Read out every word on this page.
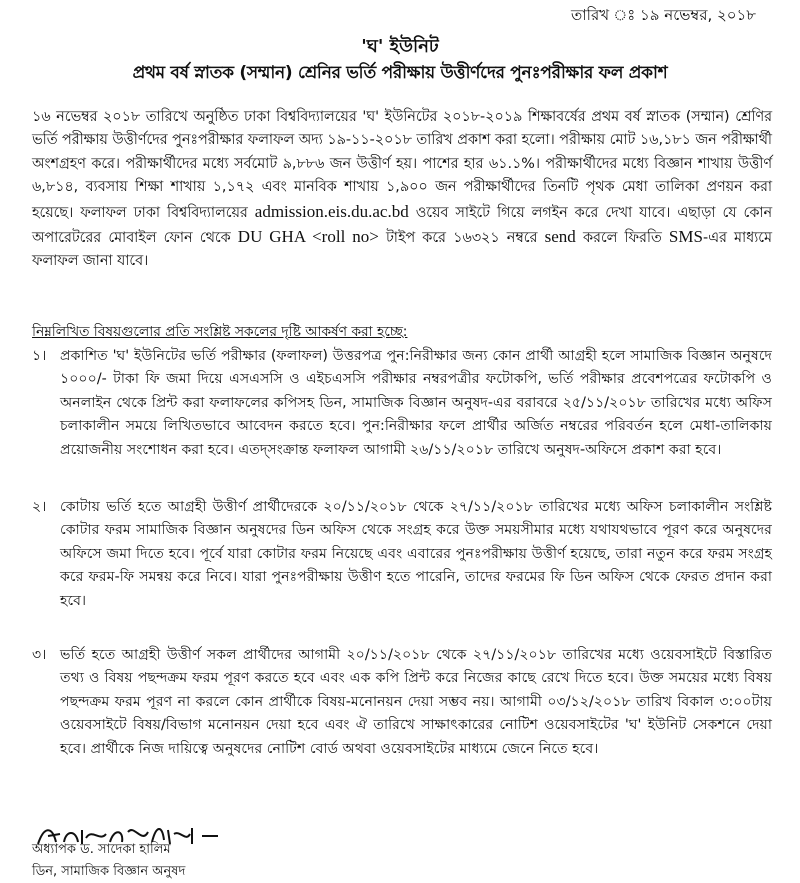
তারিখ ঃ ১৯ নভেম্বর, ২০১৮
'ঘ' ইউনিট
প্রথম বর্ষ স্নাতক (সম্মান) শ্রেনির ভর্তি পরীক্ষায় উত্তীর্ণদের পুনঃপরীক্ষার ফল প্রকাশ
১৬ নভেম্বর ২০১৮ তারিখে অনুষ্ঠিত ঢাকা বিশ্ববিদ্যালয়ের 'ঘ' ইউনিটের ২০১৮-২০১৯ শিক্ষাবর্ষের প্রথম বর্ষ স্নাতক (সম্মান) শ্রেণির ভর্তি পরীক্ষায় উত্তীর্ণদের পুনঃপরীক্ষার ফলাফল অদ্য ১৯-১১-২০১৮ তারিখ প্রকাশ করা হলো। পরীক্ষায় মোট ১৬,১৮১ জন পরীক্ষার্থী অংশগ্রহণ করে। পরীক্ষার্থীদের মধ্যে সর্বমোট ৯,৮৮৬ জন উত্তীর্ণ হয়। পাশের হার ৬১.১%। পরীক্ষার্থীদের মধ্যে বিজ্ঞান শাখায় উত্তীর্ণ ৬,৮১৪, ব্যবসায় শিক্ষা শাখায় ১,১৭২ এবং মানবিক শাখায় ১,৯০০ জন পরীক্ষার্থীদের তিনটি পৃথক মেধা তালিকা প্রণয়ন করা হয়েছে। ফলাফল ঢাকা বিশ্ববিদ্যালয়ের admission.eis.du.ac.bd ওয়েব সাইটে গিয়ে লগইন করে দেখা যাবে। এছাড়া যে কোন অপারেটরের মোবাইল ফোন থেকে DU GHA <roll no> টাইপ করে ১৬৩২১ নম্বরে send করলে ফিরতি SMS-এর মাধ্যমে ফলাফল জানা যাবে।
নিম্নলিখিত বিষয়গুলোর প্রতি সংশ্লিষ্ট সকলের দৃষ্টি আকর্ষণ করা হচ্ছে:
১। প্রকাশিত 'ঘ' ইউনিটের ভর্তি পরীক্ষার (ফলাফল) উত্তরপত্র পুন:নিরীক্ষার জন্য কোন প্রার্থী আগ্রহী হলে সামাজিক বিজ্ঞান অনুষদে ১০০০/- টাকা ফি জমা দিয়ে এসএসসি ও এইচএসসি পরীক্ষার নম্বরপত্রীর ফটোকপি, ভর্তি পরীক্ষার প্রবেশপত্রের ফটোকপি ও অনলাইন থেকে প্রিন্ট করা ফলাফলের কপিসহ ডিন, সামাজিক বিজ্ঞান অনুষদ-এর বরাবরে ২৫/১১/২০১৮ তারিখের মধ্যে অফিস চলাকালীন সময়ে লিখিতভাবে আবেদন করতে হবে। পুন:নিরীক্ষার ফলে প্রার্থীর অর্জিত নম্বরের পরিবর্তন হলে মেধা-তালিকায় প্রয়োজনীয় সংশোধন করা হবে। এতদ্‌সংক্রান্ত ফলাফল আগামী ২৬/১১/২০১৮ তারিখে অনুষদ-অফিসে প্রকাশ করা হবে।
২। কোটায় ভর্তি হতে আগ্রহী উত্তীর্ণ প্রার্থীদেরকে ২০/১১/২০১৮ থেকে ২৭/১১/২০১৮ তারিখের মধ্যে অফিস চলাকালীন সংশ্লিষ্ট কোটার ফরম সামাজিক বিজ্ঞান অনুষদের ডিন অফিস থেকে সংগ্রহ করে উক্ত সময়সীমার মধ্যে যথাযথভাবে পূরণ করে অনুষদের অফিসে জমা দিতে হবে। পূর্বে যারা কোটার ফরম নিয়েছে এবং এবারের পুনঃপরীক্ষায় উত্তীর্ণ হয়েছে, তারা নতুন করে ফরম সংগ্রহ করে ফরম-ফি সমন্বয় করে নিবে। যারা পুনঃপরীক্ষায় উত্তীণ হতে পারেনি, তাদের ফরমের ফি ডিন অফিস থেকে ফেরত প্রদান করা হবে।
৩। ভর্তি হতে আগ্রহী উত্তীর্ণ সকল প্রার্থীদের আগামী ২০/১১/২০১৮ থেকে ২৭/১১/২০১৮ তারিখের মধ্যে ওয়েবসাইটে বিস্তারিত তথ্য ও বিষয় পছন্দক্রম ফরম পূরণ করতে হবে এবং এক কপি প্রিন্ট করে নিজের কাছে রেখে দিতে হবে। উক্ত সময়ের মধ্যে বিষয় পছন্দক্রম ফরম পূরণ না করলে কোন প্রার্থীকে বিষয়-মনোনয়ন দেয়া সম্ভব নয়। আগামী ০৩/১২/২০১৮ তারিখ বিকাল ৩:০০টায় ওয়েবসাইটে বিষয়/বিভাগ মনোনয়ন দেয়া হবে এবং ঐ তারিখে সাক্ষাৎকারের নোটিশ ওয়েবসাইটের 'ঘ' ইউনিট সেকশনে দেয়া হবে। প্রার্থীকে নিজ দায়িত্বে অনুষদের নোটিশ বোর্ড অথবা ওয়েবসাইটের মাধ্যমে জেনে নিতে হবে।
অধ্যাপক ড. সাদেকা হালিম
ডিন, সামাজিক বিজ্ঞান অনুষদ
